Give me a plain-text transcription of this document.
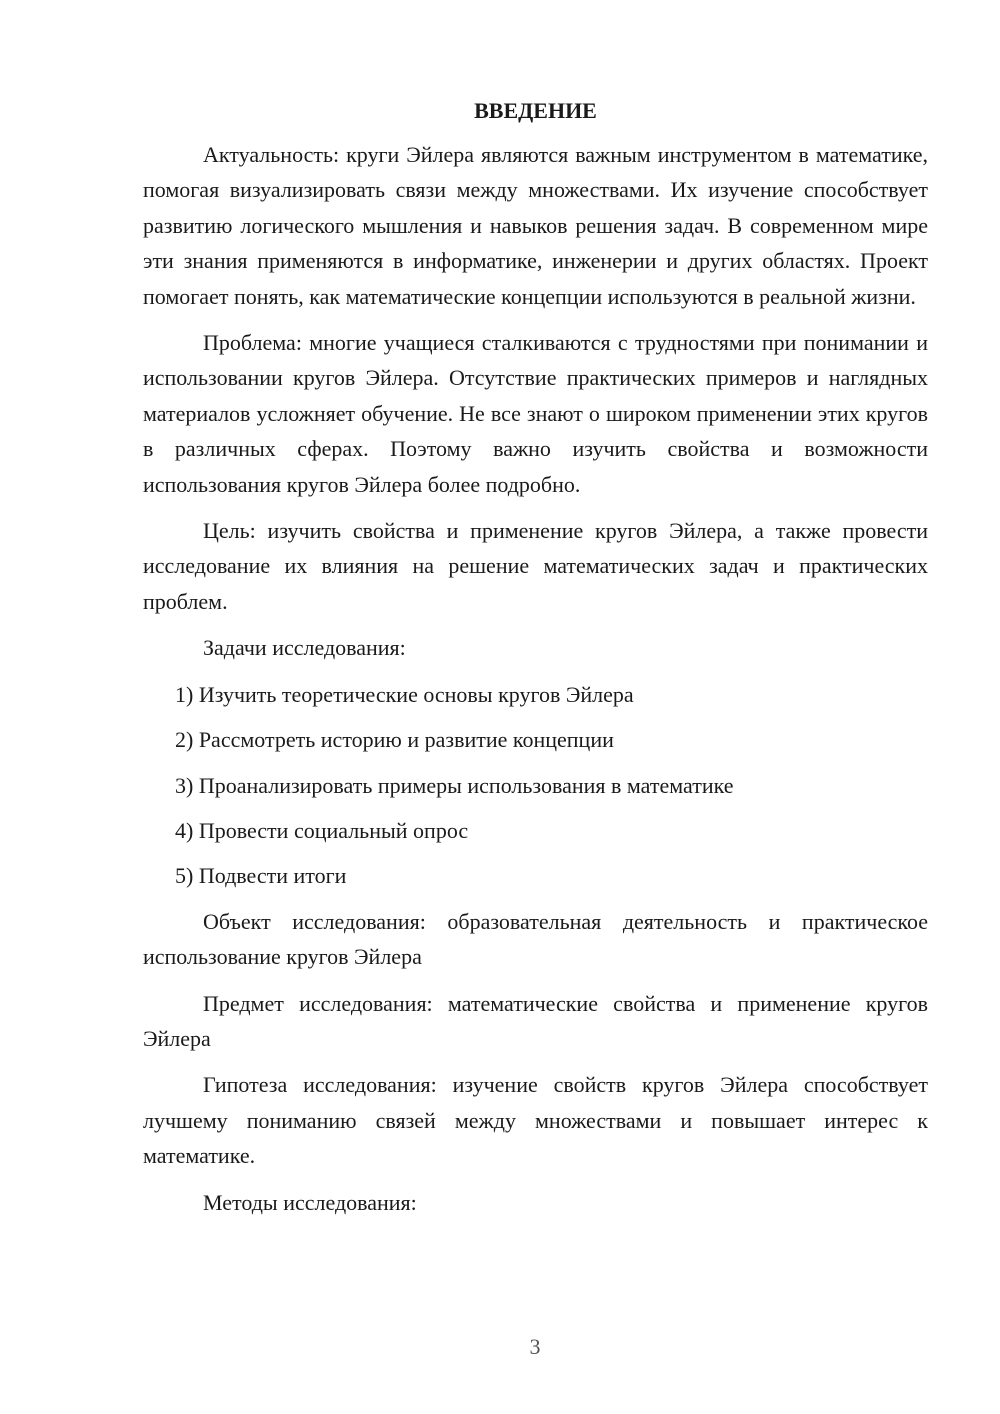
ВВЕДЕНИЕ

Актуальность: круги Эйлера являются важным инструментом в математике, помогая визуализировать связи между множествами. Их изучение способствует развитию логического мышления и навыков решения задач. В современном мире эти знания применяются в информатике, инженерии и других областях. Проект помогает понять, как математические концепции используются в реальной жизни.

Проблема: многие учащиеся сталкиваются с трудностями при понимании и использовании кругов Эйлера. Отсутствие практических примеров и наглядных материалов усложняет обучение. Не все знают о широком применении этих кругов в различных сферах. Поэтому важно изучить свойства и возможности использования кругов Эйлера более подробно.

Цель: изучить свойства и применение кругов Эйлера, а также провести исследование их влияния на решение математических задач и практических проблем.

Задачи исследования:

1) Изучить теоретические основы кругов Эйлера
2) Рассмотреть историю и развитие концепции
3) Проанализировать примеры использования в математике
4) Провести социальный опрос
5) Подвести итоги

Объект исследования: образовательная деятельность и практическое использование кругов Эйлера

Предмет исследования: математические свойства и применение кругов Эйлера

Гипотеза исследования: изучение свойств кругов Эйлера способствует лучшему пониманию связей между множествами и повышает интерес к математике.

Методы исследования:

3
